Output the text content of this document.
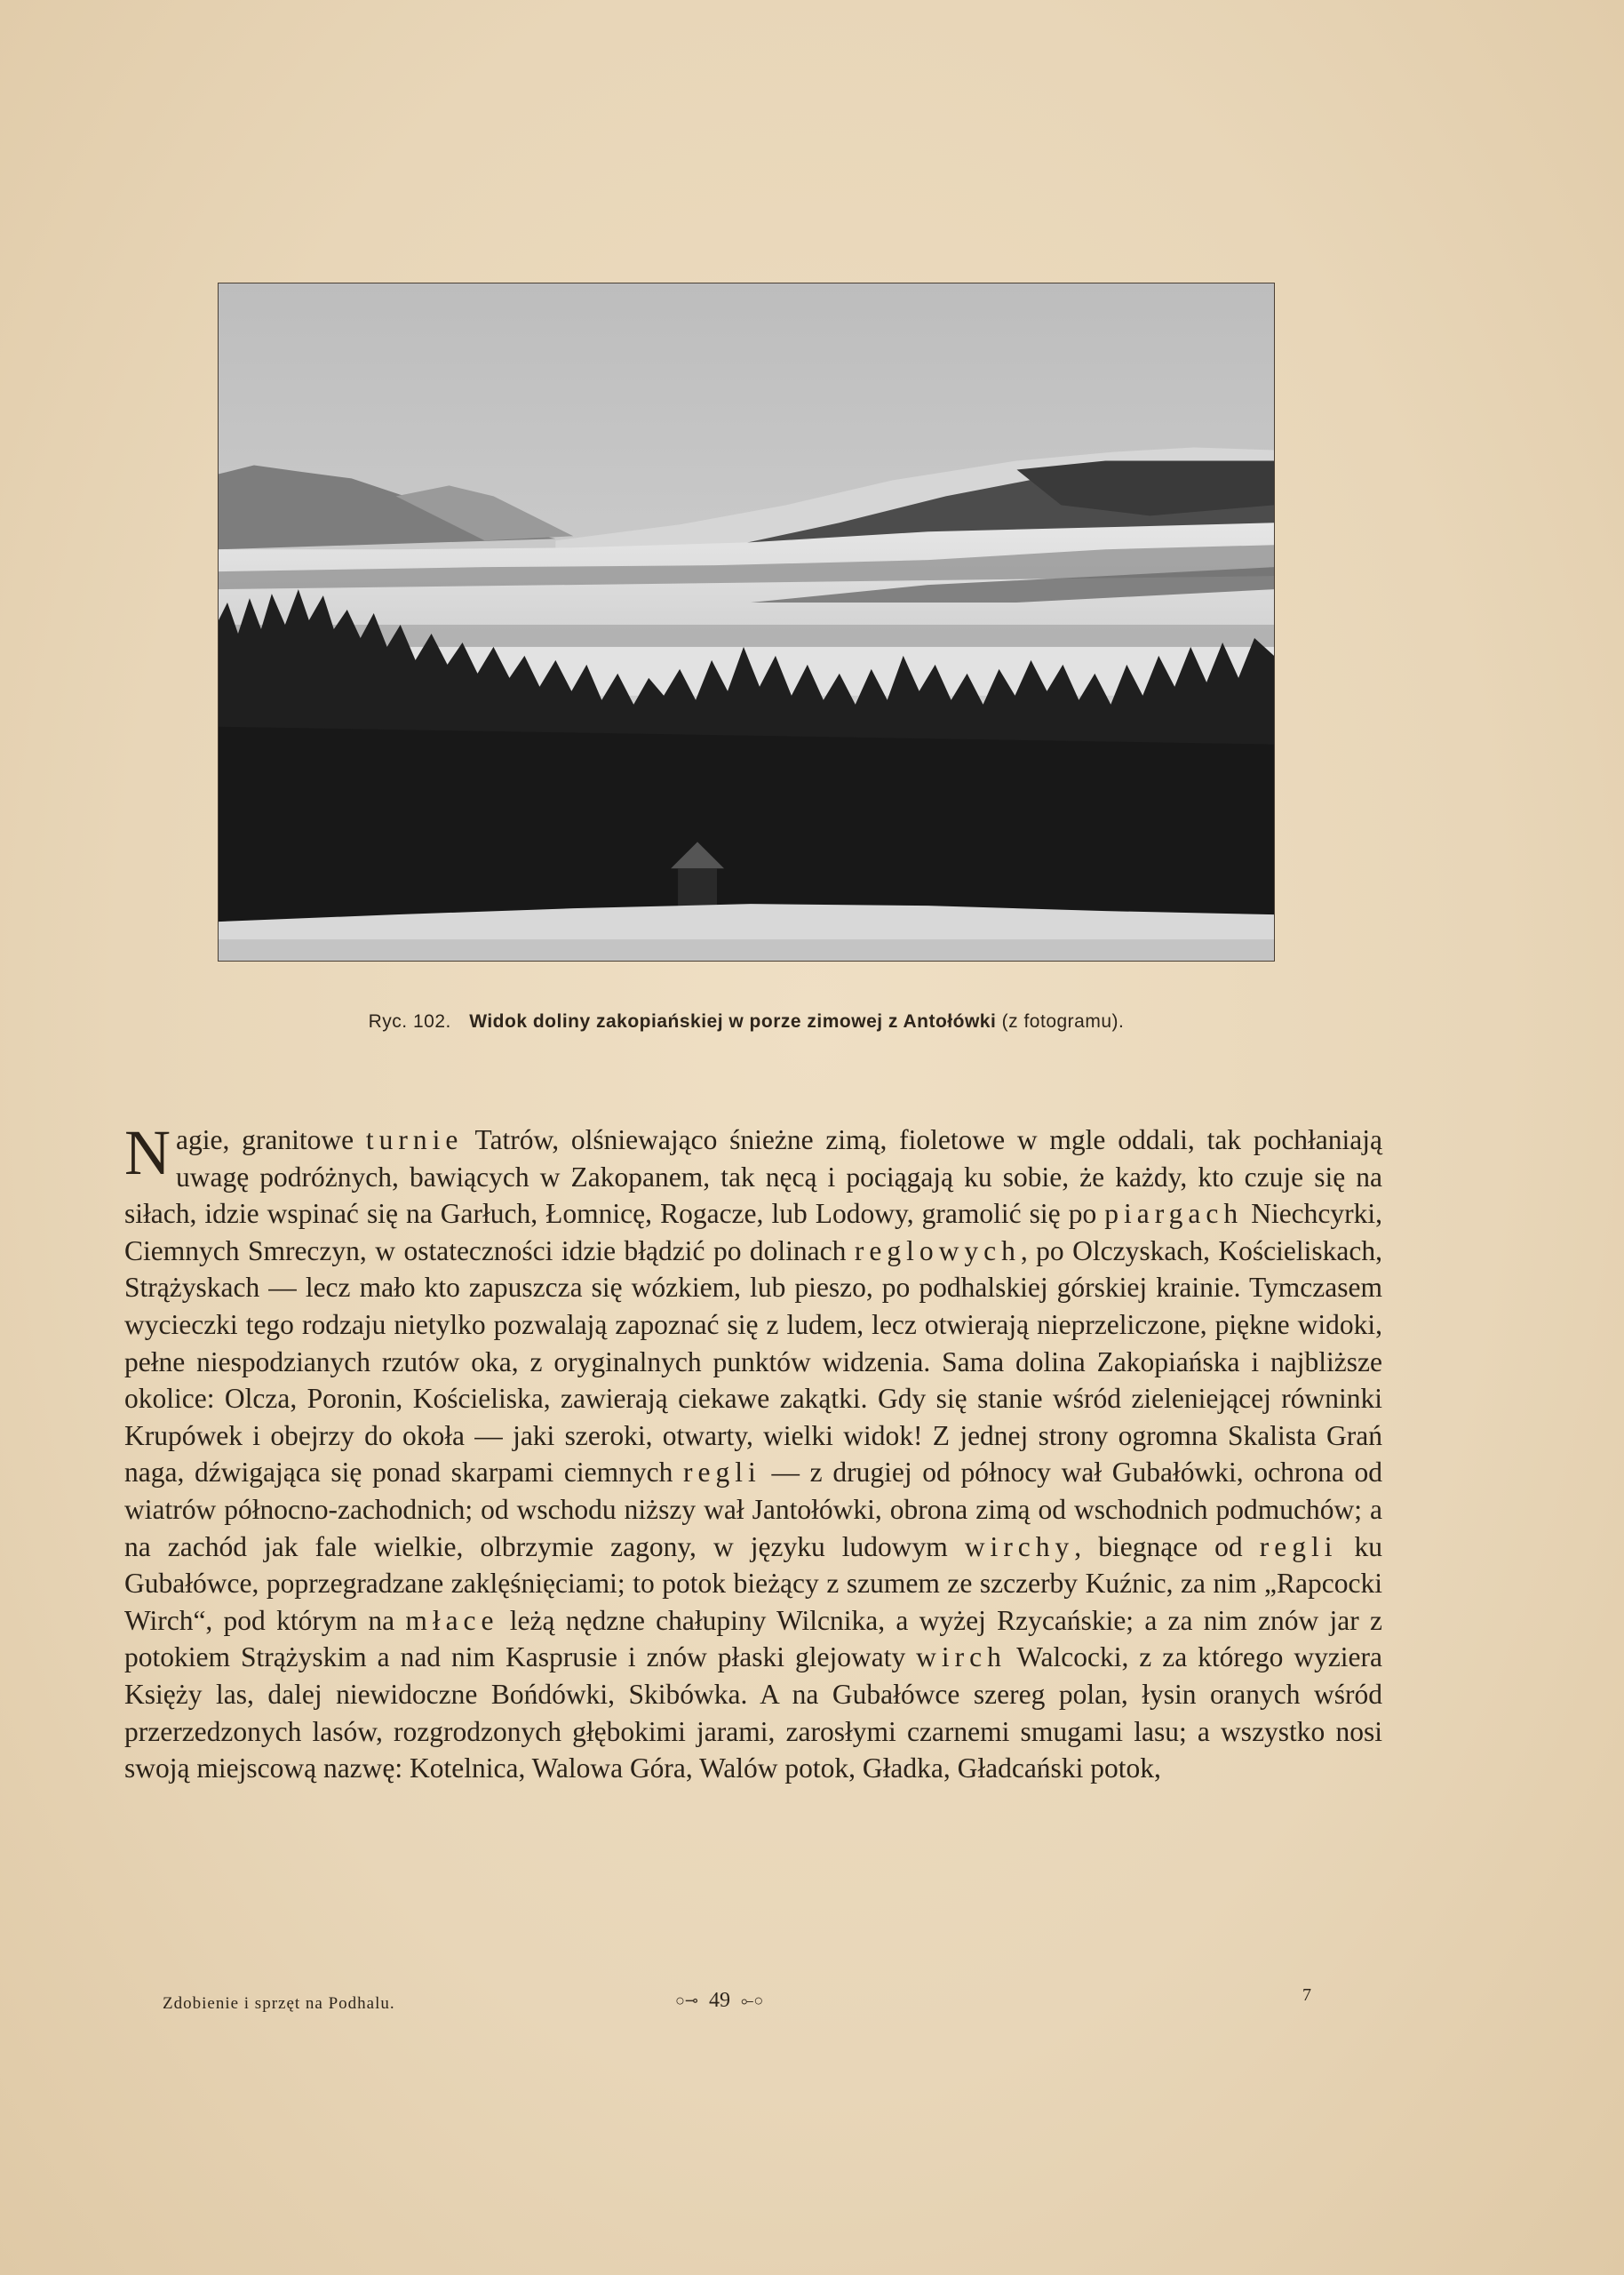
Ryc. 102. Widok doliny zakopiańskiej w porze zimowej z Antołówki (z fotogramu).

Nagie, granitowe turnie Tatrów, olśniewająco śnieżne zimą, fioletowe w mgle oddali, tak pochłaniają uwagę podróżnych, bawiących w Zakopanem, tak nęcą i pociągają ku sobie, że każdy, kto czuje się na siłach, idzie wspinać się na Garłuch, Łomnicę, Rogacze, lub Lodowy, gramolić się po piargach Niechcyrki, Ciemnych Smreczyn, w ostateczności idzie błądzić po dolinach reglowych, po Olczyskach, Kościeliskach, Strążyskach — lecz mało kto zapuszcza się wózkiem, lub pieszo, po podhalskiej górskiej krainie. Tymczasem wycieczki tego rodzaju nietylko pozwalają zapoznać się z ludem, lecz otwierają nieprzeliczone, piękne widoki, pełne niespodzianych rzutów oka, z oryginalnych punktów widzenia. Sama dolina Zakopiańska i najbliższe okolice: Olcza, Poronin, Kościeliska, zawierają ciekawe zakątki. Gdy się stanie wśród zieleniejącej równinki Krupówek i obejrzy do okoła — jaki szeroki, otwarty, wielki widok! Z jednej strony ogromna Skalista Grań naga, dźwigająca się ponad skarpami ciemnych regli — z drugiej od północy wał Gubałówki, ochrona od wiatrów północno-zachodnich; od wschodu niższy wał Jantołówki, obrona zimą od wschodnich podmuchów; a na zachód jak fale wielkie, olbrzymie zagony, w języku ludowym wirchy, biegnące od regli ku Gubałówce, poprzegradzane zaklęśnięciami; to potok bieżący z szumem ze szczerby Kuźnic, za nim „Rapcocki Wirch“, pod którym na młace leżą nędzne chałupiny Wilcnika, a wyżej Rzycańskie; a za nim znów jar z potokiem Strążyskim a nad nim Kasprusie i znów płaski glejowaty wirch Walcocki, z za którego wyziera Księży las, dalej niewidoczne Bońdówki, Skibówka. A na Gubałówce szereg polan, łysin oranych wśród przerzedzonych lasów, rozgrodzonych głębokimi jarami, zarosłymi czarnemi smugami lasu; a wszystko nosi swoją miejscową nazwę: Kotelnica, Walowa Góra, Walów potok, Gładka, Gładcański potok,

Zdobienie i sprzęt na Podhalu.	○⊸ 49 ⟜○	7
